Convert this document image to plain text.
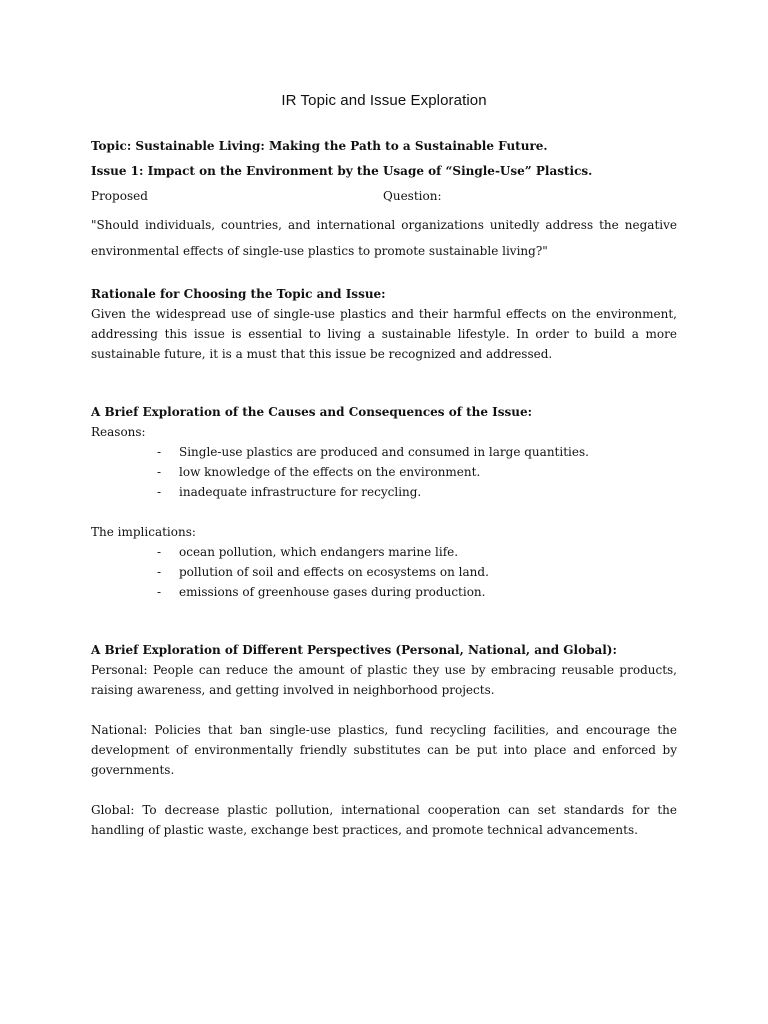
IR Topic and Issue Exploration

Topic: Sustainable Living: Making the Path to a Sustainable Future.

Issue 1: Impact on the Environment by the Usage of “Single-Use” Plastics.

Proposed	Question:
"Should individuals, countries, and international organizations unitedly address the negative
environmental effects of single-use plastics to promote sustainable living?"

Rationale for Choosing the Topic and Issue:

Given the widespread use of single-use plastics and their harmful effects on the environment, addressing this issue is essential to living a sustainable lifestyle. In order to build a more sustainable future, it is a must that this issue be recognized and addressed.

A Brief Exploration of the Causes and Consequences of the Issue:

Reasons:

- Single-use plastics are produced and consumed in large quantities.
- low knowledge of the effects on the environment.
- inadequate infrastructure for recycling.

The implications:

- ocean pollution, which endangers marine life.
- pollution of soil and effects on ecosystems on land.
- emissions of greenhouse gases during production.

A Brief Exploration of Different Perspectives (Personal, National, and Global):

Personal: People can reduce the amount of plastic they use by embracing reusable products, raising awareness, and getting involved in neighborhood projects.

National: Policies that ban single-use plastics, fund recycling facilities, and encourage the development of environmentally friendly substitutes can be put into place and enforced by governments.

Global: To decrease plastic pollution, international cooperation can set standards for the handling of plastic waste, exchange best practices, and promote technical advancements.
